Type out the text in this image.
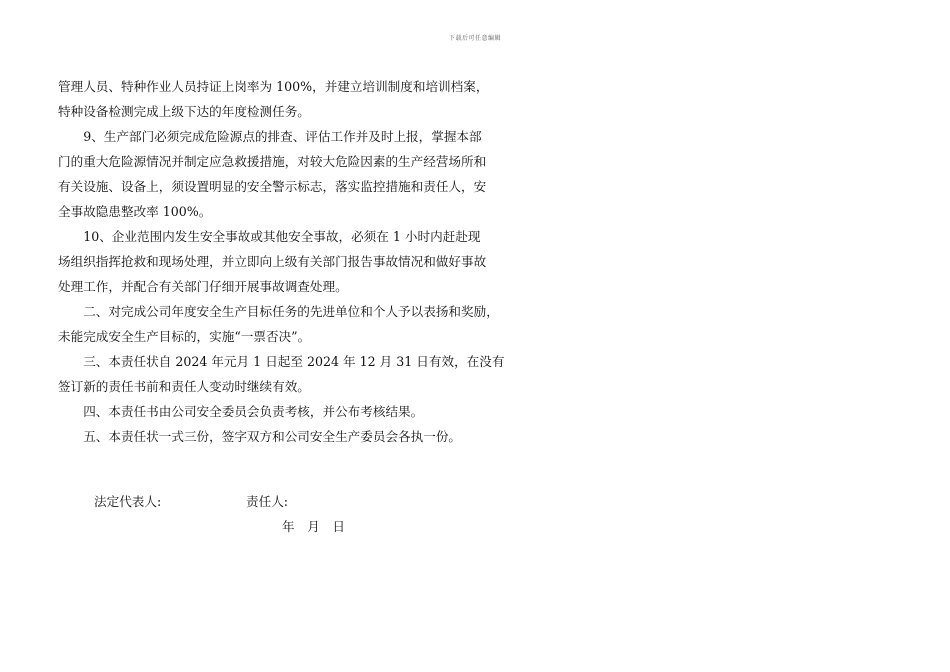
下载后可任意编辑
管理人员、特种作业人员持证上岗率为 100%，并建立培训制度和培训档案，
特种设备检测完成上级下达的年度检测任务。
　　9、生产部门必须完成危险源点的排查、评估工作并及时上报，掌握本部
门的重大危险源情况并制定应急救援措施，对较大危险因素的生产经营场所和
有关设施、设备上，须设置明显的安全警示标志，落实监控措施和责任人，安
全事故隐患整改率 100%。
　　10、企业范围内发生安全事故或其他安全事故，必须在 1 小时内赶赴现
场组织指挥抢救和现场处理，并立即向上级有关部门报告事故情况和做好事故
处理工作，并配合有关部门仔细开展事故调查处理。
　　二、对完成公司年度安全生产目标任务的先进单位和个人予以表扬和奖励，
未能完成安全生产目标的，实施“一票否决”。
　　三、本责任状自 2024 年元月 1 日起至 2024 年 12 月 31 日有效，在没有
签订新的责任书前和责任人变动时继续有效。
　　四、本责任书由公司安全委员会负责考核，并公布考核结果。
　　五、本责任状一式三份，签字双方和公司安全生产委员会各执一份。
法定代表人:	责任人:
年　月　日
